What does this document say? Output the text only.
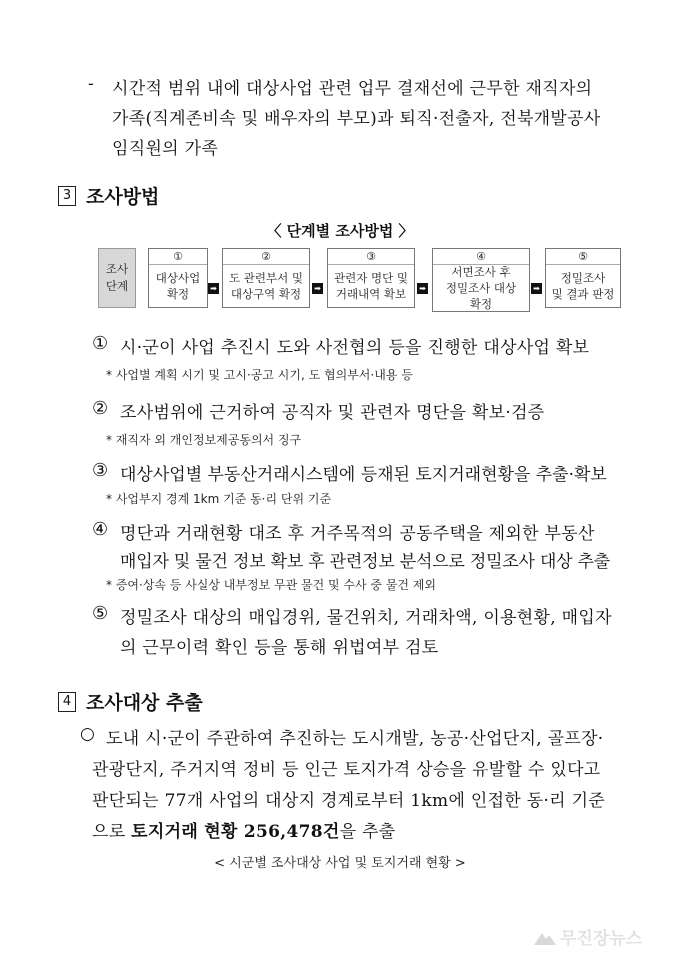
- 시간적 범위 내에 대상사업 관련 업무 결재선에 근무한 재직자의
가족(직계존비속 및 배우자의 부모)과 퇴직·전출자, 전북개발공사
임직원의 가족
3 조사방법
〈 단계별 조사방법 〉
조사
단계
①
대상사업
확정	➡
②
도 관련부서 및
대상구역 확정 ➡
③
관련자 명단 및
거래내역 확보 ➡
④
서면조사 후
정밀조사 대상
확정
➡
⑤
정밀조사
및 결과 판정
① 시·군이 사업 추진시 도와 사전협의 등을 진행한 대상사업 확보
* 사업별 계획 시기 및 고시·공고 시기, 도 협의부서·내용 등
② 조사범위에 근거하여 공직자 및 관련자 명단을 확보·검증
* 재직자 외 개인정보제공동의서 징구
③ 대상사업별 부동산거래시스템에 등재된 토지거래현황을 추출·확보
* 사업부지 경계 1km 기준 동·리 단위 기준
④ 명단과 거래현황 대조 후 거주목적의 공동주택을 제외한 부동산
매입자 및 물건 정보 확보 후 관련정보 분석으로 정밀조사 대상 추출
* 증여·상속 등 사실상 내부정보 무관 물건 및 수사 중 물건 제외
⑤ 정밀조사 대상의 매입경위, 물건위치, 거래차액, 이용현황, 매입자
의 근무이력 확인 등을 통해 위법여부 검토
4 조사대상 추출
○ 도내 시·군이 주관하여 추진하는 도시개발, 농공·산업단지, 골프장·
관광단지, 주거지역 정비 등 인근 토지가격 상승을 유발할 수 있다고
판단되는 77개 사업의 대상지 경계로부터 1km에 인접한 동·리 기준
으로 토지거래 현황 256,478건을 추출
< 시군별 조사대상 사업 및 토지거래 현황 >
무진장뉴스
